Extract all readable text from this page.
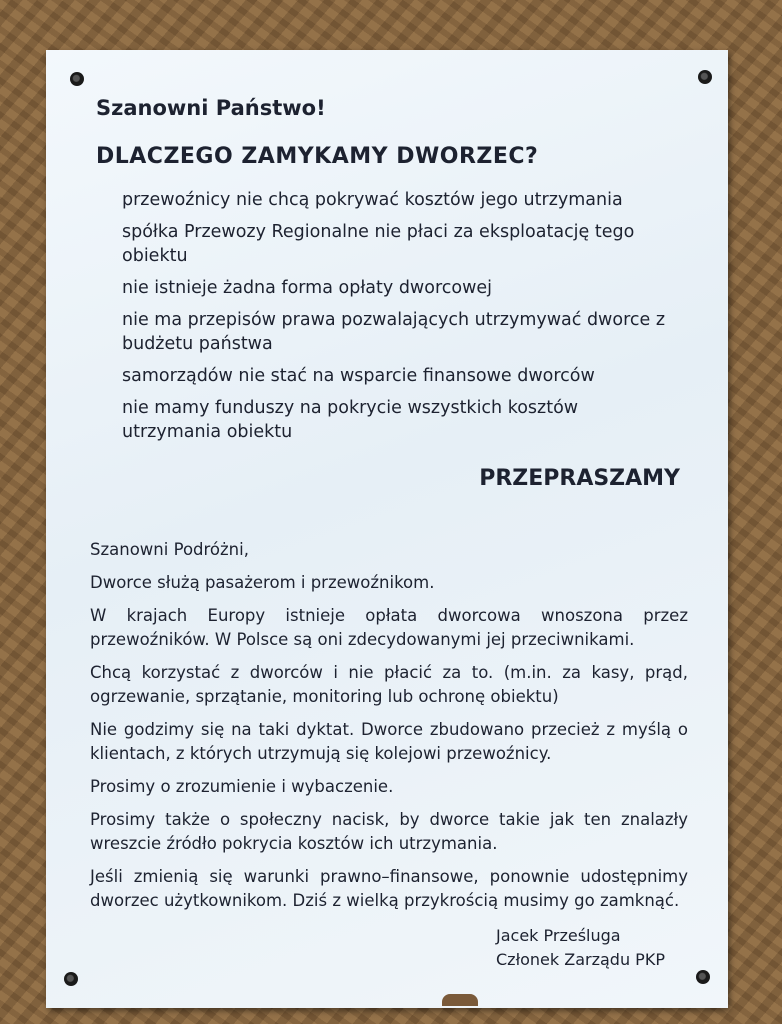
Szanowni Państwo!
DLACZEGO ZAMYKAMY DWORZEC?
przewoźnicy nie chcą pokrywać kosztów jego utrzymania
spółka Przewozy Regionalne nie płaci za eksploatację tego obiektu
nie istnieje żadna forma opłaty dworcowej
nie ma przepisów prawa pozwalających utrzymywać dworce z budżetu państwa
samorządów nie stać na wsparcie finansowe dworców
nie mamy funduszy na pokrycie wszystkich kosztów utrzymania obiektu
PRZEPRASZAMY

Szanowni Podróżni,

Dworce służą pasażerom i przewoźnikom.

W krajach Europy istnieje opłata dworcowa wnoszona przez przewoźników. W Polsce są oni zdecydowanymi jej przeciwnikami.

Chcą korzystać z dworców i nie płacić za to. (m.in. za kasy, prąd, ogrzewanie, sprzątanie, monitoring lub ochronę obiektu)

Nie godzimy się na taki dyktat. Dworce zbudowano przecież z myślą o klientach, z których utrzymują się kolejowi przewoźnicy.

Prosimy o zrozumienie i wybaczenie.

Prosimy także o społeczny nacisk, by dworce takie jak ten znalazły wreszcie źródło pokrycia kosztów ich utrzymania.

Jeśli zmienią się warunki prawno–finansowe, ponownie udostępnimy dworzec użytkownikom. Dziś z wielką przykrością musimy go zamknąć.

Jacek Prześluga
Członek Zarządu PKP
